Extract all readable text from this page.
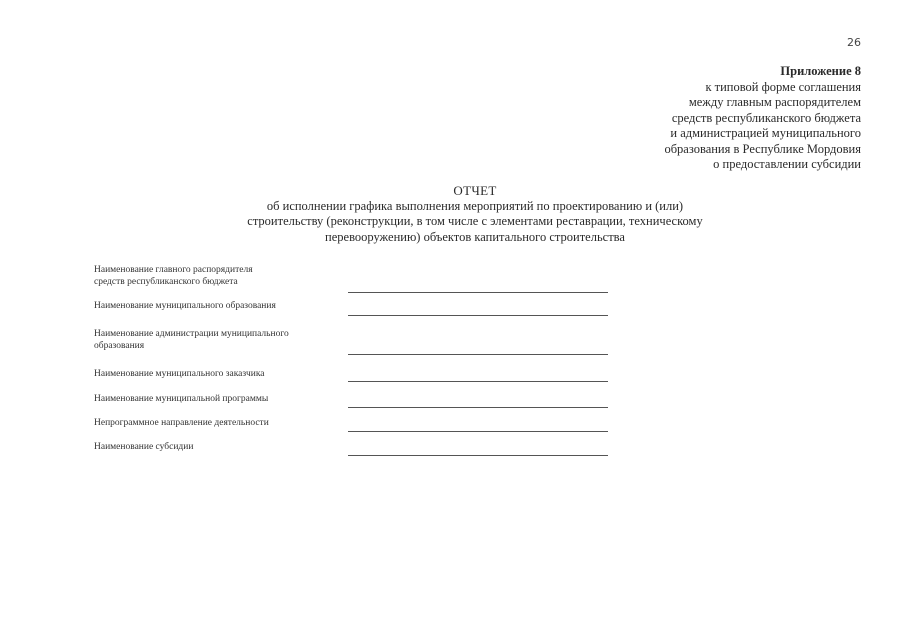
26
Приложение 8
к типовой форме соглашения
между главным распорядителем
средств республиканского бюджета
и администрацией муниципального
образования в Республике Мордовия
о предоставлении субсидии
ОТЧЕТ
об исполнении графика выполнения мероприятий по проектированию и (или)
строительству (реконструкции, в том числе с элементами реставрации, техническому
перевооружению) объектов капитального строительства
Наименование главного распорядителя
средств республиканского бюджета
Наименование муниципального образования
Наименование администрации муниципального
образования
Наименование муниципального заказчика
Наименование муниципальной программы
Непрограммное направление деятельности
Наименование субсидии
